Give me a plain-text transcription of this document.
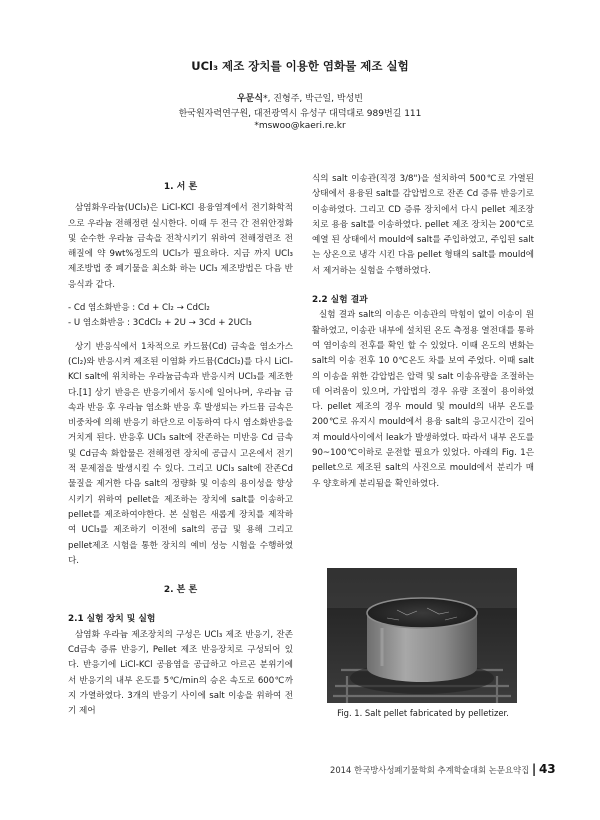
UCl₃ 제조 장치를 이용한 염화물 제조 실험
우문식*, 진형주, 박근일, 박성빈
한국원자력연구원, 대전광역시 유성구 대덕대로 989번길 111
*mswoo@kaeri.re.kr
1. 서 론

삼염화우라늄(UCl₃)은 LiCl-KCl 용융염계에서 전기화학적으로 우라늄 전해정련 실시한다. 이때 두 전극 간 전위안정화 및 순수한 우라늄 금속을 전착시키기 위하여 전해정련조 전해질에 약 9wt%정도의 UCl₃가 필요하다. 지금 까지 UCl₃ 제조방법 중 폐기물을 최소화 하는 UCl₃ 제조방법은 다음 반응식과 같다.

- Cd 염소화반응 : Cd + Cl₂ → CdCl₂

- U 염소화반응 : 3CdCl₂ + 2U → 3Cd + 2UCl₃

상기 반응식에서 1차적으로 카드뮴(Cd) 금속을 염소가스(Cl₂)와 반응시켜 제조된 이염화 카드뮴(CdCl₂)를 다시 LiCl-KCl salt에 위치하는 우라늄금속과 반응시켜 UCl₃를 제조한다.[1] 상기 반응은 반응기에서 동시에 일어나며, 우라늄 금속과 반응 후 우라늄 염소화 반응 후 발생되는 카드뮴 금속은 비중차에 의해 반응기 하단으로 이동하여 다시 염소화반응을 거치게 된다. 반응후 UCl₃ salt에 잔존하는 미반응 Cd 금속 및 Cd금속 화합물은 전해정련 장치에 공급시 고온에서 전기적 문제점을 발생시킬 수 있다. 그리고 UCl₃ salt에 잔존Cd 물질을 제거한 다음 salt의 정량화 및 이송의 용이성을 향상시키기 위하여 pellet을 제조하는 장치에 salt를 이송하고 pellet를 제조하여야한다. 본 실험은 새롭게 장치를 제작하여 UCl₃를 제조하기 이전에 salt의 공급 및 용해 그리고 pellet제조 시험을 통한 장치의 예비 성능 시험을 수행하였다.

2. 본 론
2.1 실험 장치 및 실험

삼염화 우라늄 제조장치의 구성은 UCl₃ 제조 반응기, 잔존 Cd금속 증류 반응기, Pellet 제조 반응장치로 구성되어 있다. 반응기에 LiCl-KCl 공융염을 공급하고 아르곤 분위기에서 반응기의 내부 온도를 5℃/min의 승온 속도로 600℃까지 가열하였다. 3개의 반응기 사이에 salt 이송을 위하여 전기 제어

식의 salt 이송관(직경 3/8")을 설치하여 500℃로 가열된 상태에서 용융된 salt를 감압법으로 잔존 Cd 증류 반응기로 이송하였다. 그리고 CD 증류 장치에서 다시 pellet 제조장치로 용융 salt를 이송하였다. pellet 제조 장치는 200℃로 예열 된 상태에서 mould에 salt를 주입하였고, 주입된 salt는 상온으로 냉각 시킨 다음 pellet 형태의 salt를 mould에서 제거하는 실험을 수행하였다.

2.2 실험 결과

실험 결과 salt의 이송은 이송관의 막힘이 없이 이송이 원활하였고, 이송관 내부에 설치된 온도 측정용 열전대를 통하여 염이송의 전후를 확인 할 수 있었다. 이때 온도의 변화는 salt의 이송 전후 10 0℃온도 차를 보여 주었다. 이때 salt의 이송을 위한 감압법은 압력 및 salt 이송유량을 조절하는데 어려움이 있으며, 가압법의 경우 유량 조절이 용이하였다. pellet 제조의 경우 mould 및 mould의 내부 온도를 200℃로 유지시 mould에서 용융 salt의 응고시간이 길어져 mould사이에서 leak가 발생하였다. 따라서 내부 온도를 90~100℃이하로 운전할 필요가 있었다. 아래의 Fig. 1은 pellet으로 제조된 salt의 사진으로 mould에서 분리가 매우 양호하게 분리됨을 확인하였다.

Fig. 1. Salt pellet fabricated by pelletizer.
2014 한국방사성폐기물학회 추계학술대회 논문요약집 | 43
